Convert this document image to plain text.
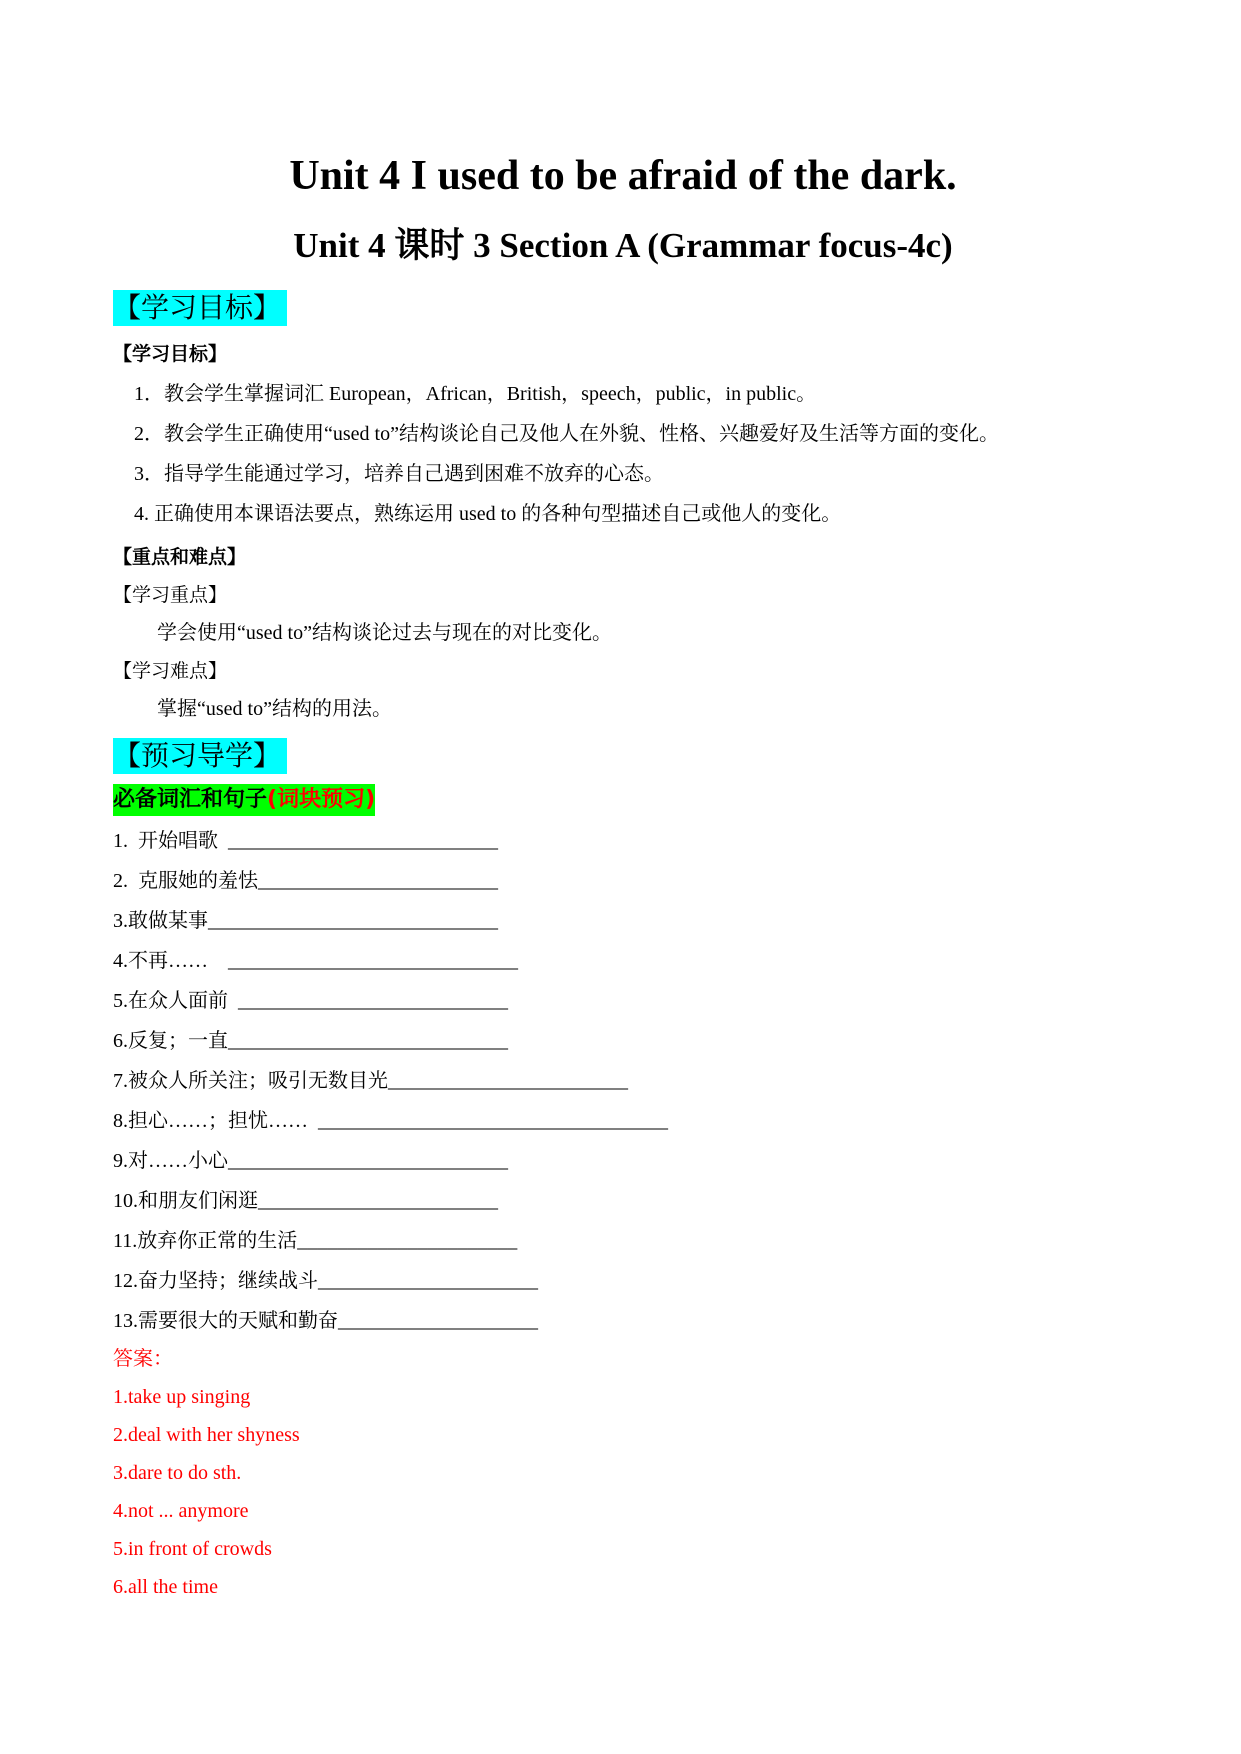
Unit 4 I used to be afraid of the dark.
Unit 4 课时 3 Section A (Grammar focus-4c)
【学习目标】
【学习目标】
1．教会学生掌握词汇 European，African，British，speech，public，in public。
2．教会学生正确使用“used to”结构谈论自己及他人在外貌、性格、兴趣爱好及生活等方面的变化。
3．指导学生能通过学习，培养自己遇到困难不放弃的心态。
4. 正确使用本课语法要点，熟练运用 used to 的各种句型描述自己或他人的变化。
【重点和难点】
【学习重点】
学会使用“used to”结构谈论过去与现在的对比变化。
【学习难点】
掌握“used to”结构的用法。
【预习导学】
必备词汇和句子(词块预习)
1.  开始唱歌  ___________________________
2.  克服她的羞怯________________________
3.敢做某事_____________________________
4.不再……    _____________________________
5.在众人面前  ___________________________
6.反复；一直____________________________
7.被众人所关注；吸引无数目光________________________
8.担心……；担忧……  ___________________________________
9.对……小心____________________________
10.和朋友们闲逛________________________
11.放弃你正常的生活______________________
12.奋力坚持；继续战斗______________________
13.需要很大的天赋和勤奋____________________
答案：
1.take up singing
2.deal with her shyness
3.dare to do sth.
4.not ... anymore
5.in front of crowds
6.all the time
